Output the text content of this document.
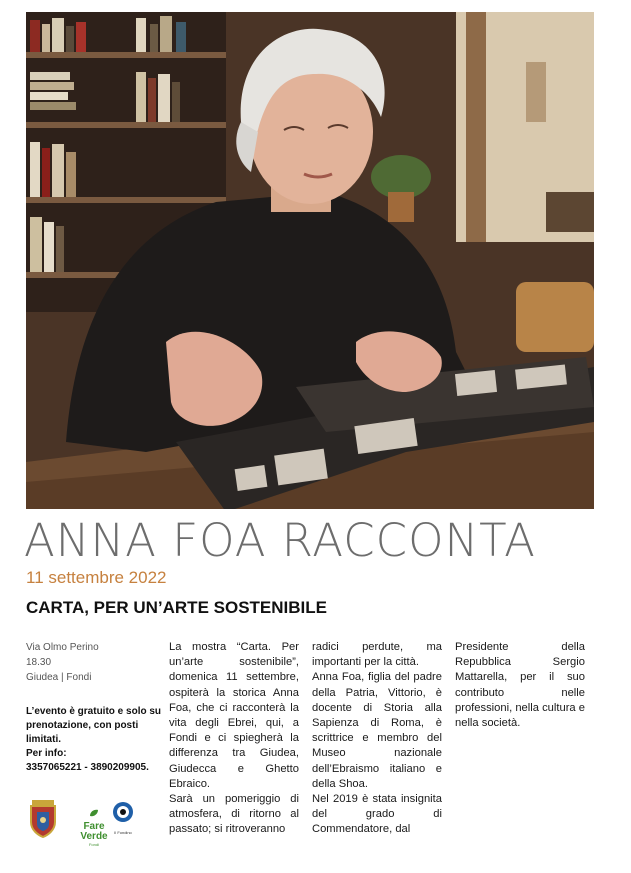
ANNA FOA RACCONTA

11 settembre 2022

CARTA, PER UN’ARTE SOSTENIBILE

Via Olmo Perino

18.30

Giudea | Fondi

L’evento è gratuito e solo su prenotazione, con posti limitati.

Per info:

3357065221 - 3890209905.

Fare
Verde
Fondi
Il Fondino

La mostra “Carta. Per un’arte sostenibile”, domenica 11 settembre, ospiterà la storica Anna Foa, che ci racconterà la vita degli Ebrei, qui, a Fondi e ci spiegherà la differenza tra Giudea, Giudecca e Ghetto Ebraico.

Sarà un pomeriggio di atmosfera, di ritorno al passato; si ritroveranno

radici perdute, ma importanti per la città.

Anna Foa, figlia del padre della Patria, Vittorio, è docente di Storia alla Sapienza di Roma, è scrittrice e membro del Museo nazionale dell’Ebraismo italiano e della Shoa.

Nel 2019 è stata insignita del grado di Commendatore, dal

Presidente della Repubblica Sergio Mattarella, per il suo contributo nelle professioni, nella cultura e nella società.
